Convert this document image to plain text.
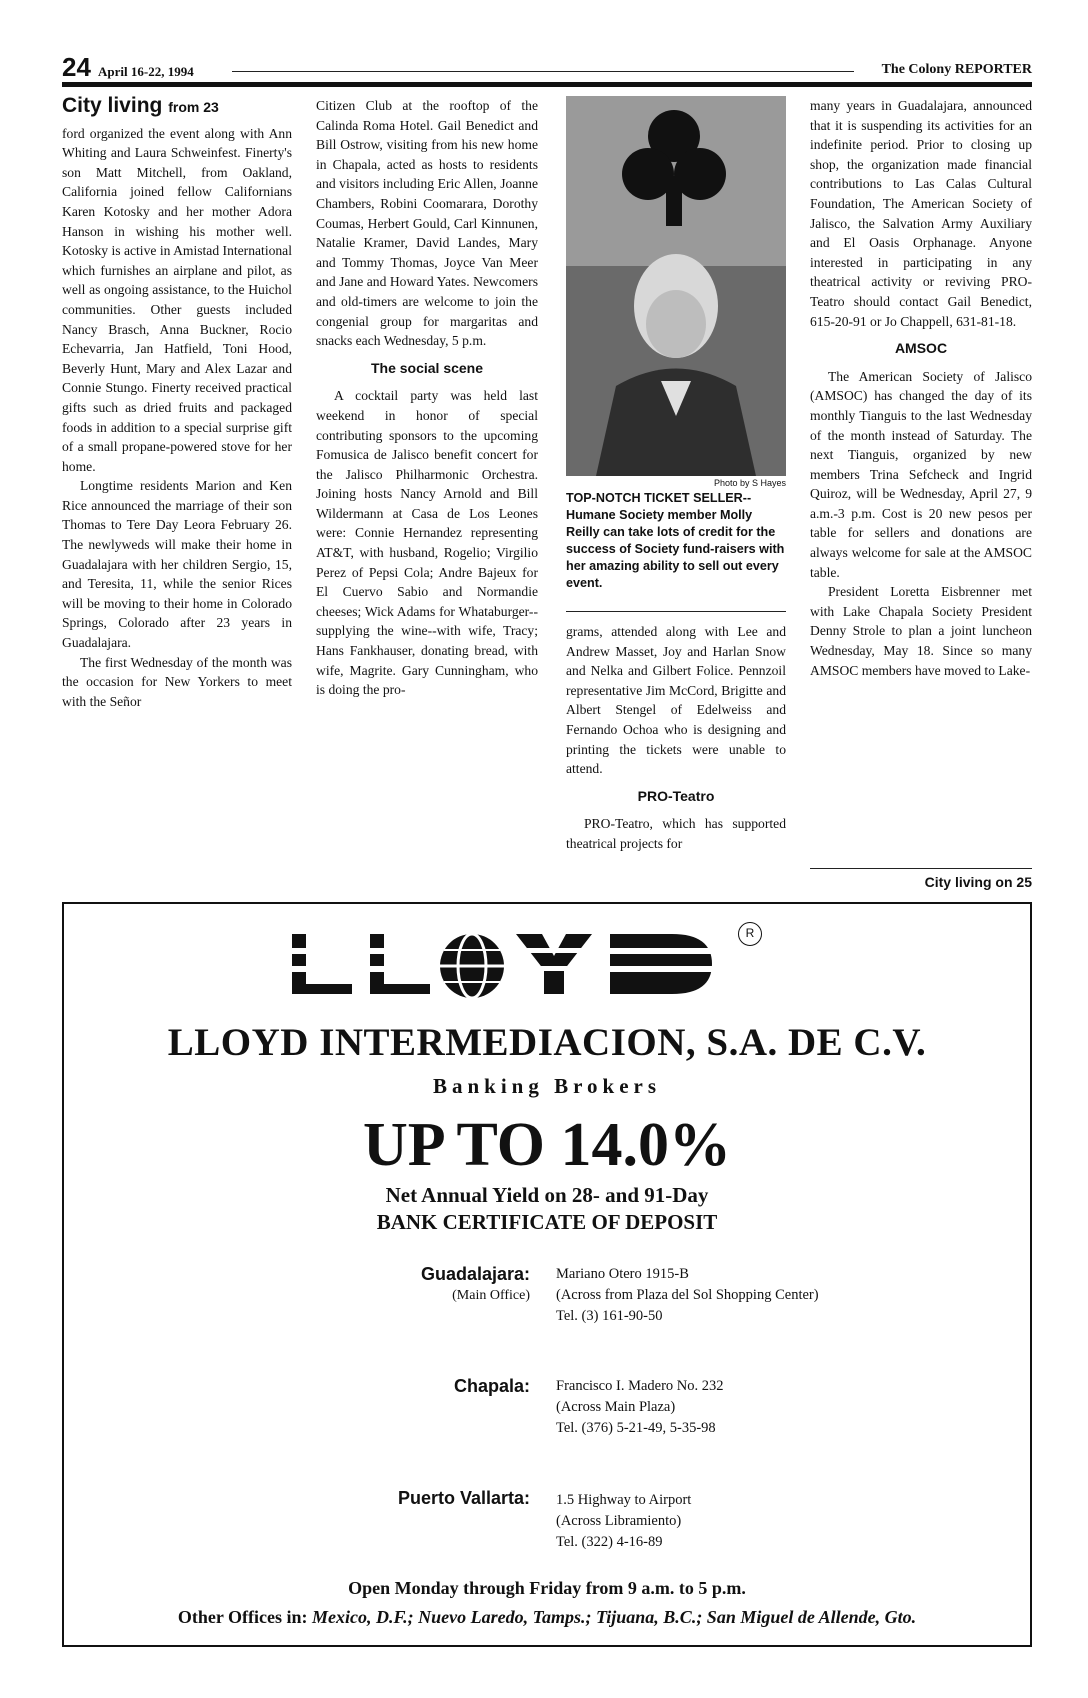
24 April 16-22, 1994	The Colony REPORTER
City living from 23

ford organized the event along with Ann Whiting and Laura Schweinfest. Finerty's son Matt Mitchell, from Oakland, California joined fellow Californians Karen Kotosky and her mother Adora Hanson in wishing his mother well. Kotosky is active in Amistad International which furnishes an airplane and pilot, as well as ongoing assistance, to the Huichol communities. Other guests included Nancy Brasch, Anna Buckner, Rocio Echevarria, Jan Hatfield, Toni Hood, Beverly Hunt, Mary and Alex Lazar and Connie Stungo. Finerty received practical gifts such as dried fruits and packaged foods in addition to a special surprise gift of a small propane-powered stove for her home.

Longtime residents Marion and Ken Rice announced the marriage of their son Thomas to Tere Day Leora February 26. The newlyweds will make their home in Guadalajara with her children Sergio, 15, and Teresita, 11, while the senior Rices will be moving to their home in Colorado Springs, Colorado after 23 years in Guadalajara.

The first Wednesday of the month was the occasion for New Yorkers to meet with the Señor

Citizen Club at the rooftop of the Calinda Roma Hotel. Gail Benedict and Bill Ostrow, visiting from his new home in Chapala, acted as hosts to residents and visitors including Eric Allen, Joanne Chambers, Robini Coomarara, Dorothy Coumas, Herbert Gould, Carl Kinnunen, Natalie Kramer, David Landes, Mary and Tommy Thomas, Joyce Van Meer and Jane and Howard Yates. Newcomers and old-timers are welcome to join the congenial group for margaritas and snacks each Wednesday, 5 p.m.

The social scene

A cocktail party was held last weekend in honor of special contributing sponsors to the upcoming Fomusica de Jalisco benefit concert for the Jalisco Philharmonic Orchestra. Joining hosts Nancy Arnold and Bill Wildermann at Casa de Los Leones were: Connie Hernandez representing AT&T, with husband, Rogelio; Virgilio Perez of Pepsi Cola; Andre Bajeux for El Cuervo Sabio and Normandie cheeses; Wick Adams for Whataburger--supplying the wine--with wife, Tracy; Hans Fankhauser, donating bread, with wife, Magrite. Gary Cunningham, who is doing the pro-

Photo by S Hayes
TOP-NOTCH TICKET SELLER-- Humane Society member Molly Reilly can take lots of credit for the success of Society fund-raisers with her amazing ability to sell out every event.

grams, attended along with Lee and Andrew Masset, Joy and Harlan Snow and Nelka and Gilbert Folice. Pennzoil representative Jim McCord, Brigitte and Albert Stengel of Edelweiss and Fernando Ochoa who is designing and printing the tickets were unable to attend.

PRO-Teatro

PRO-Teatro, which has supported theatrical projects for

many years in Guadalajara, announced that it is suspending its activities for an indefinite period. Prior to closing up shop, the organization made financial contributions to Las Calas Cultural Foundation, The American Society of Jalisco, the Salvation Army Auxiliary and El Oasis Orphanage. Anyone interested in participating in any theatrical activity or reviving PRO-Teatro should contact Gail Benedict, 615-20-91 or Jo Chappell, 631-81-18.

AMSOC

The American Society of Jalisco (AMSOC) has changed the day of its monthly Tianguis to the last Wednesday of the month instead of Saturday. The next Tianguis, organized by new members Trina Sefcheck and Ingrid Quiroz, will be Wednesday, April 27, 9 a.m.-3 p.m. Cost is 20 new pesos per table for sellers and donations are always welcome for sale at the AMSOC table.

President Loretta Eisbrenner met with Lake Chapala Society President Denny Strole to plan a joint luncheon Wednesday, May 18. Since so many AMSOC members have moved to Lake-

City living on 25
R
LLOYD INTERMEDIACION, S.A. DE C.V.
Banking Brokers
UP TO 14.0%
Net Annual Yield on 28- and 91-Day
BANK CERTIFICATE OF DEPOSIT
Guadalajara:
(Main Office)
Mariano Otero 1915-B
(Across from Plaza del Sol Shopping Center)
Tel. (3) 161-90-50
Chapala: Francisco I. Madero No. 232
(Across Main Plaza)
Tel. (376) 5-21-49, 5-35-98
Puerto Vallarta: 1.5 Highway to Airport
(Across Libramiento)
Tel. (322) 4-16-89
Open Monday through Friday from 9 a.m. to 5 p.m.
Other Offices in: Mexico, D.F.; Nuevo Laredo, Tamps.; Tijuana, B.C.; San Miguel de Allende, Gto.
